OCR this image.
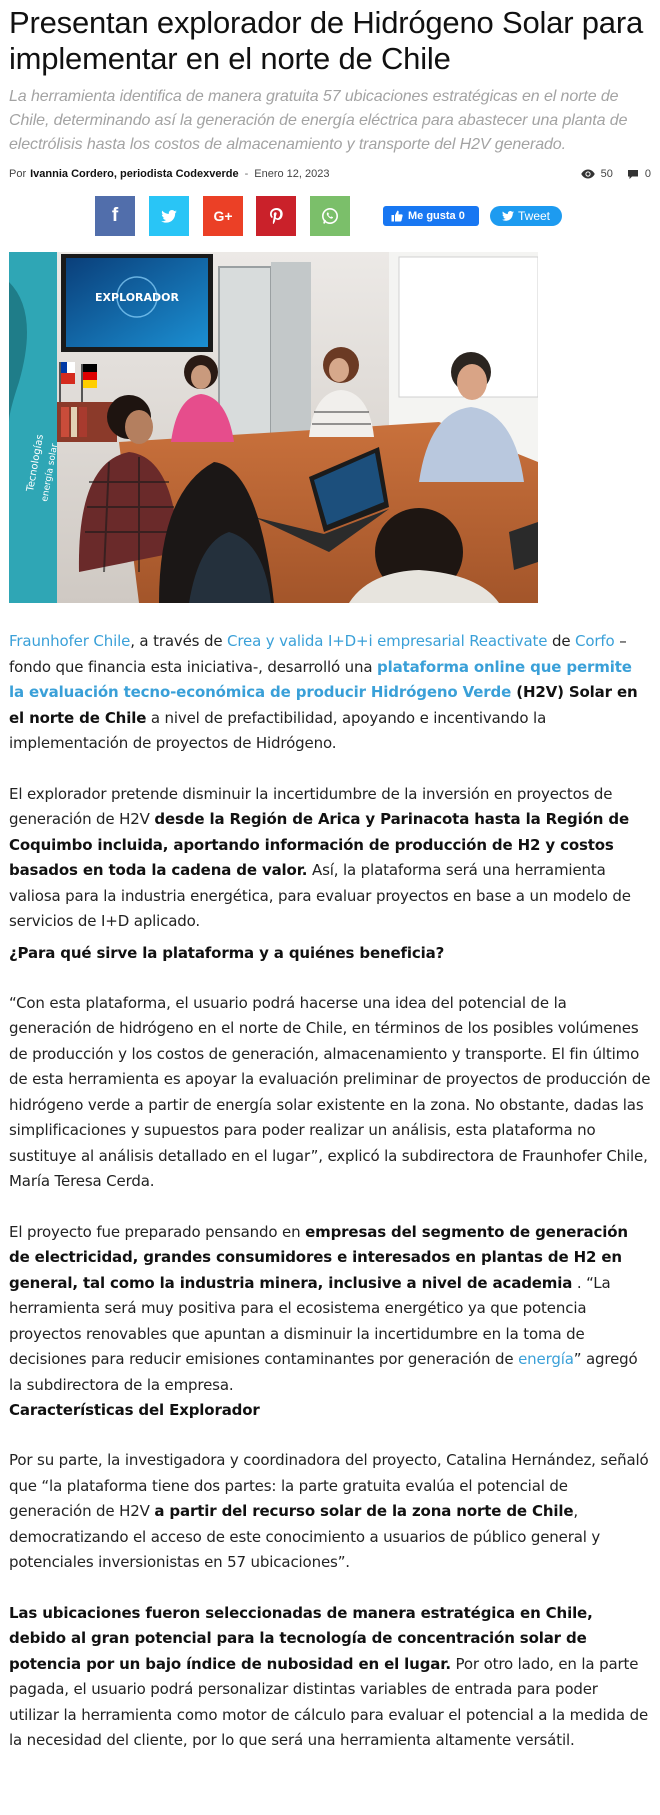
Presentan explorador de Hidrógeno Solar para implementar en el norte de Chile
La herramienta identifica de manera gratuita 57 ubicaciones estratégicas en el norte de Chile, determinando así la generación de energía eléctrica para abastecer una planta de electrólisis hasta los costos de almacenamiento y transporte del H2V generado.
Por Ivannia Cordero, periodista Codexverde - Enero 12, 2023	50	0
f	G+	Me gusta 0	Tweet
Tecnologías
energía solar
EXPLORADOR

Fraunhofer Chile, a través de Crea y valida I+D+i empresarial Reactivate de Corfo –fondo que financia esta iniciativa-, desarrolló una plataforma online que permite la evaluación tecno-económica de producir Hidrógeno Verde (H2V) Solar en el norte de Chile a nivel de prefactibilidad, apoyando e incentivando la implementación de proyectos de Hidrógeno.

El explorador pretende disminuir la incertidumbre de la inversión en proyectos de generación de H2V desde la Región de Arica y Parinacota hasta la Región de Coquimbo incluida, aportando información de producción de H2 y costos basados en toda la cadena de valor. Así, la plataforma será una herramienta valiosa para la industria energética, para evaluar proyectos en base a un modelo de servicios de I+D aplicado.

¿Para qué sirve la plataforma y a quiénes beneficia?

“Con esta plataforma, el usuario podrá hacerse una idea del potencial de la generación de hidrógeno en el norte de Chile, en términos de los posibles volúmenes de producción y los costos de generación, almacenamiento y transporte. El fin último de esta herramienta es apoyar la evaluación preliminar de proyectos de producción de hidrógeno verde a partir de energía solar existente en la zona. No obstante, dadas las simplificaciones y supuestos para poder realizar un análisis, esta plataforma no sustituye al análisis detallado en el lugar”, explicó la subdirectora de Fraunhofer Chile, María Teresa Cerda.

El proyecto fue preparado pensando en empresas del segmento de generación de electricidad, grandes consumidores e interesados en plantas de H2 en general, tal como la industria minera, inclusive a nivel de academia . “La herramienta será muy positiva para el ecosistema energético ya que potencia proyectos renovables que apuntan a disminuir la incertidumbre en la toma de decisiones para reducir emisiones contaminantes por generación de energía” agregó la subdirectora de la empresa.

Características del Explorador

Por su parte, la investigadora y coordinadora del proyecto, Catalina Hernández, señaló que “la plataforma tiene dos partes: la parte gratuita evalúa el potencial de generación de H2V a partir del recurso solar de la zona norte de Chile, democratizando el acceso de este conocimiento a usuarios de público general y potenciales inversionistas en 57 ubicaciones”.

Las ubicaciones fueron seleccionadas de manera estratégica en Chile, debido al gran potencial para la tecnología de concentración solar de potencia por un bajo índice de nubosidad en el lugar. Por otro lado, en la parte pagada, el usuario podrá personalizar distintas variables de entrada para poder utilizar la herramienta como motor de cálculo para evaluar el potencial a la medida de la necesidad del cliente, por lo que será una herramienta altamente versátil.
